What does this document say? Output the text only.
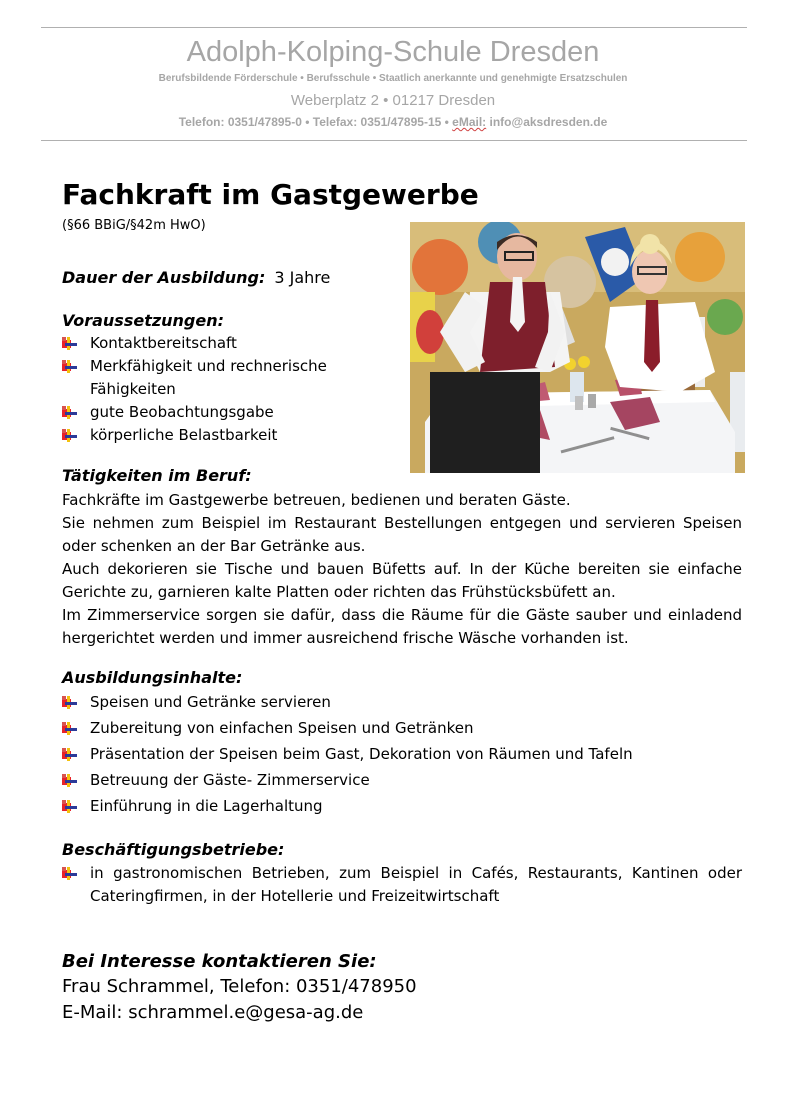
Adolph-Kolping-Schule Dresden
Berufsbildende Förderschule • Berufsschule • Staatlich anerkannte und genehmigte Ersatzschulen
Weberplatz 2 • 01217 Dresden
Telefon: 0351/47895-0 • Telefax: 0351/47895-15 • eMail: info@aksdresden.de
Fachkraft im Gastgewerbe
(§66 BBiG/§42m HwO)
Dauer der Ausbildung: 3 Jahre
Voraussetzungen:
Kontaktbereitschaft
Merkfähigkeit und rechnerische
Fähigkeiten
gute Beobachtungsgabe
körperliche Belastbarkeit
Tätigkeiten im Beruf:

Fachkräfte im Gastgewerbe betreuen, bedienen und beraten Gäste.

Sie nehmen zum Beispiel im Restaurant Bestellungen entgegen und servieren Speisen oder schenken an der Bar Getränke aus.

Auch dekorieren sie Tische und bauen Büfetts auf. In der Küche bereiten sie einfache Gerichte zu, garnieren kalte Platten oder richten das Frühstücksbüfett an.

Im Zimmerservice sorgen sie dafür, dass die Räume für die Gäste sauber und einladend hergerichtet werden und immer ausreichend frische Wäsche vorhanden ist.

Ausbildungsinhalte:
Speisen und Getränke servieren
Zubereitung von einfachen Speisen und Getränken
Präsentation der Speisen beim Gast, Dekoration von Räumen und Tafeln
Betreuung der Gäste- Zimmerservice
Einführung in die Lagerhaltung
Beschäftigungsbetriebe:
in gastronomischen Betrieben, zum Beispiel in Cafés, Restaurants, Kantinen oder Cateringfirmen, in der Hotellerie und Freizeitwirtschaft
Bei Interesse kontaktieren Sie:
Frau Schrammel, Telefon: 0351/478950
E-Mail: schrammel.e@gesa-ag.de
